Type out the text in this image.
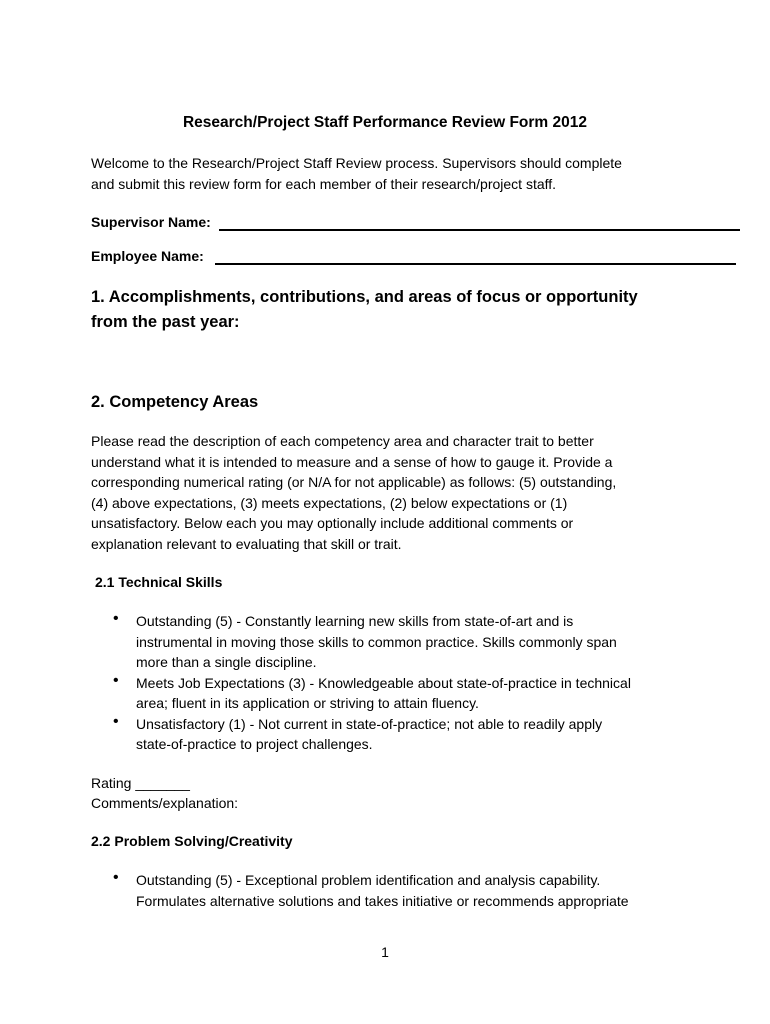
Research/Project Staff Performance Review Form 2012
Welcome to the Research/Project Staff Review process. Supervisors should complete
and submit this review form for each member of their research/project staff.
Supervisor Name:
Employee Name:
1. Accomplishments, contributions, and areas of focus or opportunity
from the past year:
2. Competency Areas
Please read the description of each competency area and character trait to better
understand what it is intended to measure and a sense of how to gauge it. Provide a
corresponding numerical rating (or N/A for not applicable) as follows: (5) outstanding,
(4) above expectations, (3) meets expectations, (2) below expectations or (1)
unsatisfactory. Below each you may optionally include additional comments or
explanation relevant to evaluating that skill or trait.
2.1 Technical Skills
• Outstanding (5) - Constantly learning new skills from state-of-art and is
instrumental in moving those skills to common practice. Skills commonly span
more than a single discipline.
• Meets Job Expectations (3) - Knowledgeable about state-of-practice in technical
area; fluent in its application or striving to attain fluency.
• Unsatisfactory (1) - Not current in state-of-practice; not able to readily apply
state-of-practice to project challenges.
Rating _______
Comments/explanation:
2.2 Problem Solving/Creativity
• Outstanding (5) - Exceptional problem identification and analysis capability.
Formulates alternative solutions and takes initiative or recommends appropriate
1
